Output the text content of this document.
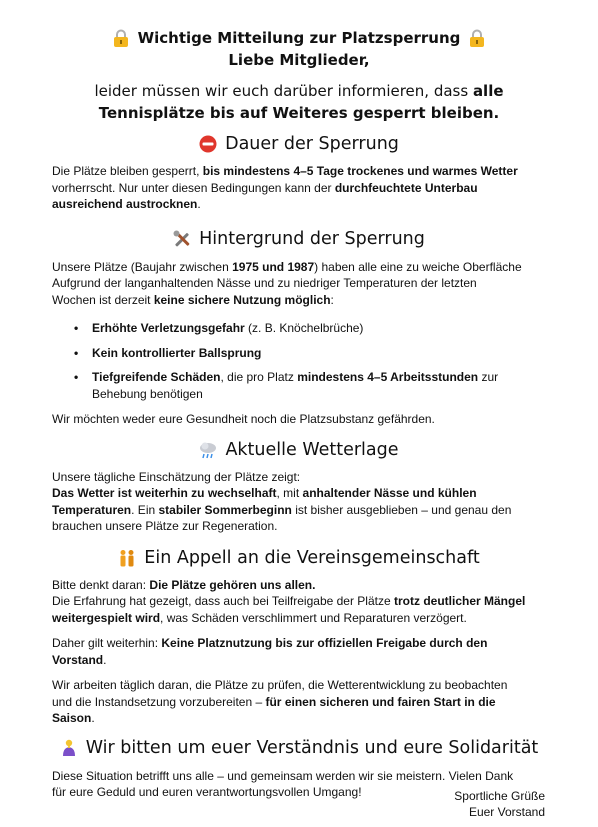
Wichtige Mitteilung zur Platzsperrung
Liebe Mitglieder,
leider müssen wir euch darüber informieren, dass alle
Tennisplätze bis auf Weiteres gesperrt bleiben.
Dauer der Sperrung

Die Plätze bleiben gesperrt, bis mindestens 4–5 Tage trockenes und warmes Wetter
vorherrscht. Nur unter diesen Bedingungen kann der durchfeuchtete Unterbau
ausreichend austrocknen.

Hintergrund der Sperrung

Unsere Plätze (Baujahr zwischen 1975 und 1987) haben alle eine zu weiche Oberfläche
Aufgrund der langanhaltenden Nässe und zu niedriger Temperaturen der letzten
Wochen ist derzeit keine sichere Nutzung möglich:

• Erhöhte Verletzungsgefahr (z. B. Knöchelbrüche)
• Kein kontrollierter Ballsprung
• Tiefgreifende Schäden, die pro Platz mindestens 4–5 Arbeitsstunden zur
Behebung benötigen

Wir möchten weder eure Gesundheit noch die Platzsubstanz gefährden.

Aktuelle Wetterlage

Unsere tägliche Einschätzung der Plätze zeigt:
Das Wetter ist weiterhin zu wechselhaft, mit anhaltender Nässe und kühlen
Temperaturen. Ein stabiler Sommerbeginn ist bisher ausgeblieben – und genau den
brauchen unsere Plätze zur Regeneration.

Ein Appell an die Vereinsgemeinschaft

Bitte denkt daran: Die Plätze gehören uns allen.
Die Erfahrung hat gezeigt, dass auch bei Teilfreigabe der Plätze trotz deutlicher Mängel
weitergespielt wird, was Schäden verschlimmert und Reparaturen verzögert.

Daher gilt weiterhin: Keine Platznutzung bis zur offiziellen Freigabe durch den
Vorstand.

Wir arbeiten täglich daran, die Plätze zu prüfen, die Wetterentwicklung zu beobachten
und die Instandsetzung vorzubereiten – für einen sicheren und fairen Start in die
Saison.

Wir bitten um euer Verständnis und eure Solidarität

Diese Situation betrifft uns alle – und gemeinsam werden wir sie meistern. Vielen Dank
für eure Geduld und euren verantwortungsvollen Umgang!	Sportliche Grüße

Euer Vorstand
